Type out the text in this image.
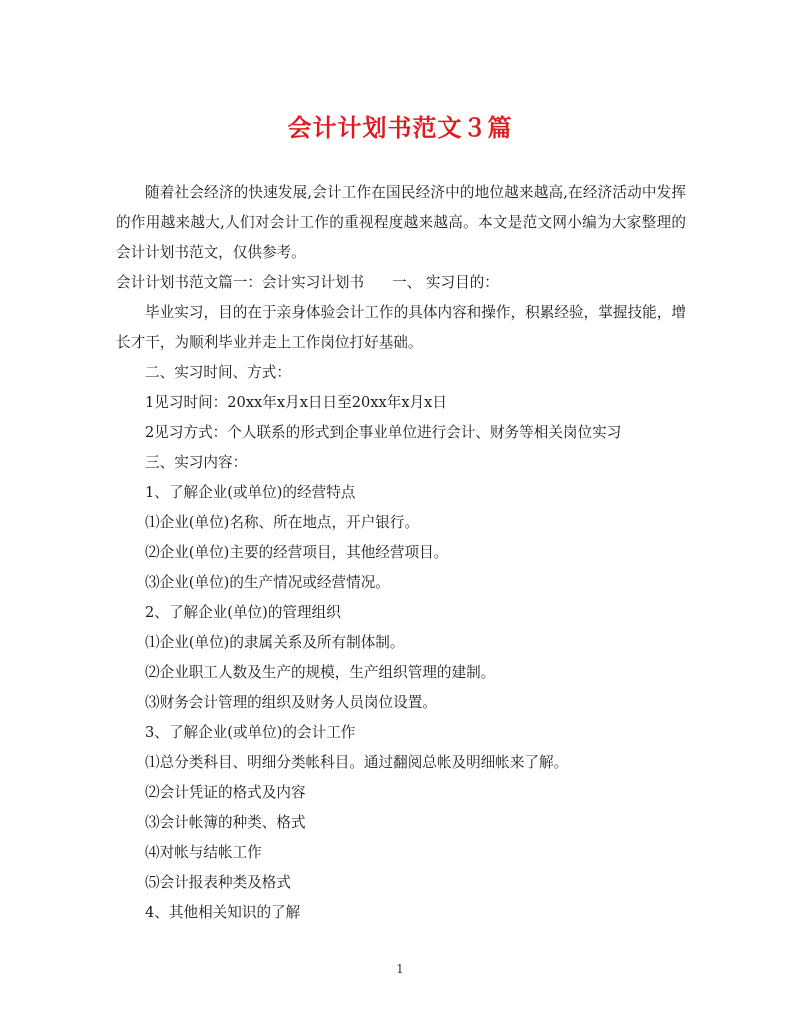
会计计划书范文３篇

随着社会经济的快速发展,会计工作在国民经济中的地位越来越高,在经济活动中发挥的作用越来越大,人们对会计工作的重视程度越来越高。本文是范文网小编为大家整理的会计计划书范文，仅供参考。

会计计划书范文篇一：会计实习计划书 一、 实习目的：

毕业实习，目的在于亲身体验会计工作的具体内容和操作，积累经验，掌握技能，增长才干，为顺利毕业并走上工作岗位打好基础。

二、实习时间、方式：

1见习时间：20xx年x月x日日至20xx年x月x日

2见习方式：个人联系的形式到企事业单位进行会计、财务等相关岗位实习

三、实习内容：

1、了解企业(或单位)的经营特点

⑴企业(单位)名称、所在地点，开户银行。

⑵企业(单位)主要的经营项目，其他经营项目。

⑶企业(单位)的生产情况或经营情况。

2、了解企业(单位)的管理组织

⑴企业(单位)的隶属关系及所有制体制。

⑵企业职工人数及生产的规模，生产组织管理的建制。

⑶财务会计管理的组织及财务人员岗位设置。

3、了解企业(或单位)的会计工作

⑴总分类科目、明细分类帐科目。通过翻阅总帐及明细帐来了解。

⑵会计凭证的格式及内容

⑶会计帐簿的种类、格式

⑷对帐与结帐工作

⑸会计报表种类及格式

4、其他相关知识的了解

1
